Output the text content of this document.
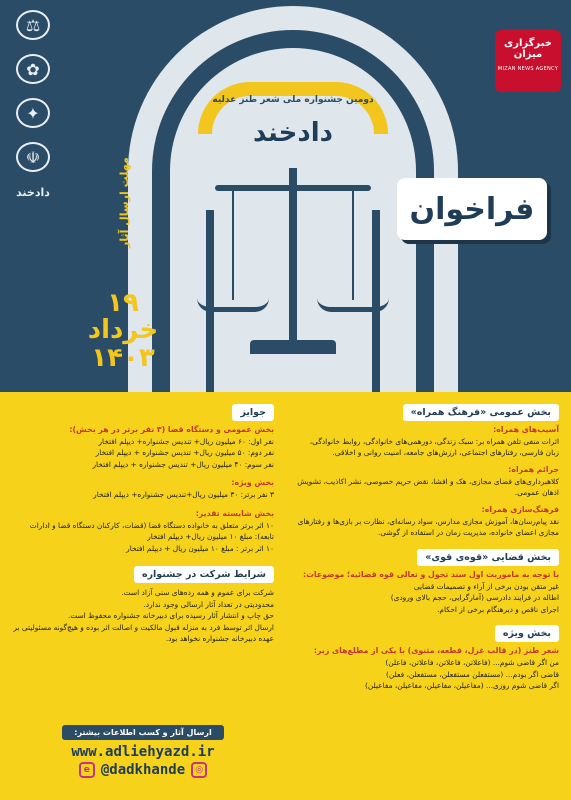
دومین جشنواره ملی شعر طنز عدلیه
دادخند
⚖
✿
✦
☫
دادخند
خبرگزاری میزان
MIZAN NEWS AGENCY
فراخوان
مهلت ارسال آثار
۱۹
خرداد
۱۴۰۳
بخش عمومی «فرهنگ همراه»
آسیب‌های همراه:
اثرات منفی تلفن همراه بر: سبک زندگی، دورهمی‌های خانوادگی، روابط خانوادگی، زبان فارسی، رفتارهای اجتماعی، ارزش‌های جامعه، امنیت روانی و اخلاقی.
جرائم همراه:
کلاهبرداری‌های فضای مجازی، هک و افشا، نقض حریم خصوصی، نشر اکاذیب، تشویش اذهان عمومی.
فرهنگ‌سازی همراه:
نقد پیام‌رسان‌ها، آموزش مجازی مدارس، سواد رسانه‌ای، نظارت بر بازی‌ها و رفتارهای مجازی اعضای خانواده، مدیریت زمان در استفاده از گوشی.
بخش قضایی «قوه‌ی قوی»
با توجه به ماموریت اول سند تحول و تعالی قوه قضائیه؛ موضوعات:
غیر متقن بودن برخی از آراء و تصمیمات قضایی
اطاله در فرایند دادرسی (آمارگرایی، حجم بالای ورودی)
اجرای ناقص و دیرهنگام برخی از احکام.
بخش ویژه
شعر طنز (در قالب غزل، قطعه، مثنوی) با یکی از مطلع‌های زیر:
من اگر قاضی شوم... (فاعلاتن، فاعلاتن، فاعلاتن، فاعلن)
قاضی اگر بودم... (مستفعلن مستفعلن، مستفعلن، فعلن)
اگر قاضی شوم روزی... (مفاعیلن، مفاعیلن، مفاعیلن، مفاعیلن)
جوایز
بخش عمومی و دستگاه قضا (۳ نفر برتر در هر بخش):
نفر اول: ۶۰ میلیون ریال+ تندیس جشنواره+ دیپلم افتخار
نفر دوم: ۵۰ میلیون ریال+ تندیس جشنواره + دیپلم افتخار
نفر سوم: ۴۰ میلیون ریال+ تندیس جشنواره + دیپلم افتخار
بخش ویژه:
۳ نفر برتر: ۳۰ میلیون ریال+تندیس جشنواره+ دیپلم افتخار
بخش شایسته تقدیر:
۱۰ اثر برتر متعلق به خانواده دستگاه قضا (قضات، کارکنان دستگاه قضا و ادارات تابعه): مبلغ ۱۰ میلیون ریال+ دیپلم افتخار
۱۰ اثر برتر : مبلغ ۱۰ میلیون ریال + دیپلم افتخار
شرایط شرکت در جشنواره
شرکت برای عموم و همه رده‌های سنی آزاد است.
محدودیتی در تعداد آثار ارسالی وجود ندارد.
حق چاپ و انتشار آثار رسیده برای دبیرخانه جشنواره محفوظ است.
ارسال اثر توسط فرد به منزله قبول مالکیت و اصالت اثر بوده و هیچ‌گونه مسئولیتی بر عهده دبیرخانه جشنواره نخواهد بود.
ارسال آثار و کسب اطلاعات بیشتر:
www.adliehyazd.ir
e @dadkhande	◎
